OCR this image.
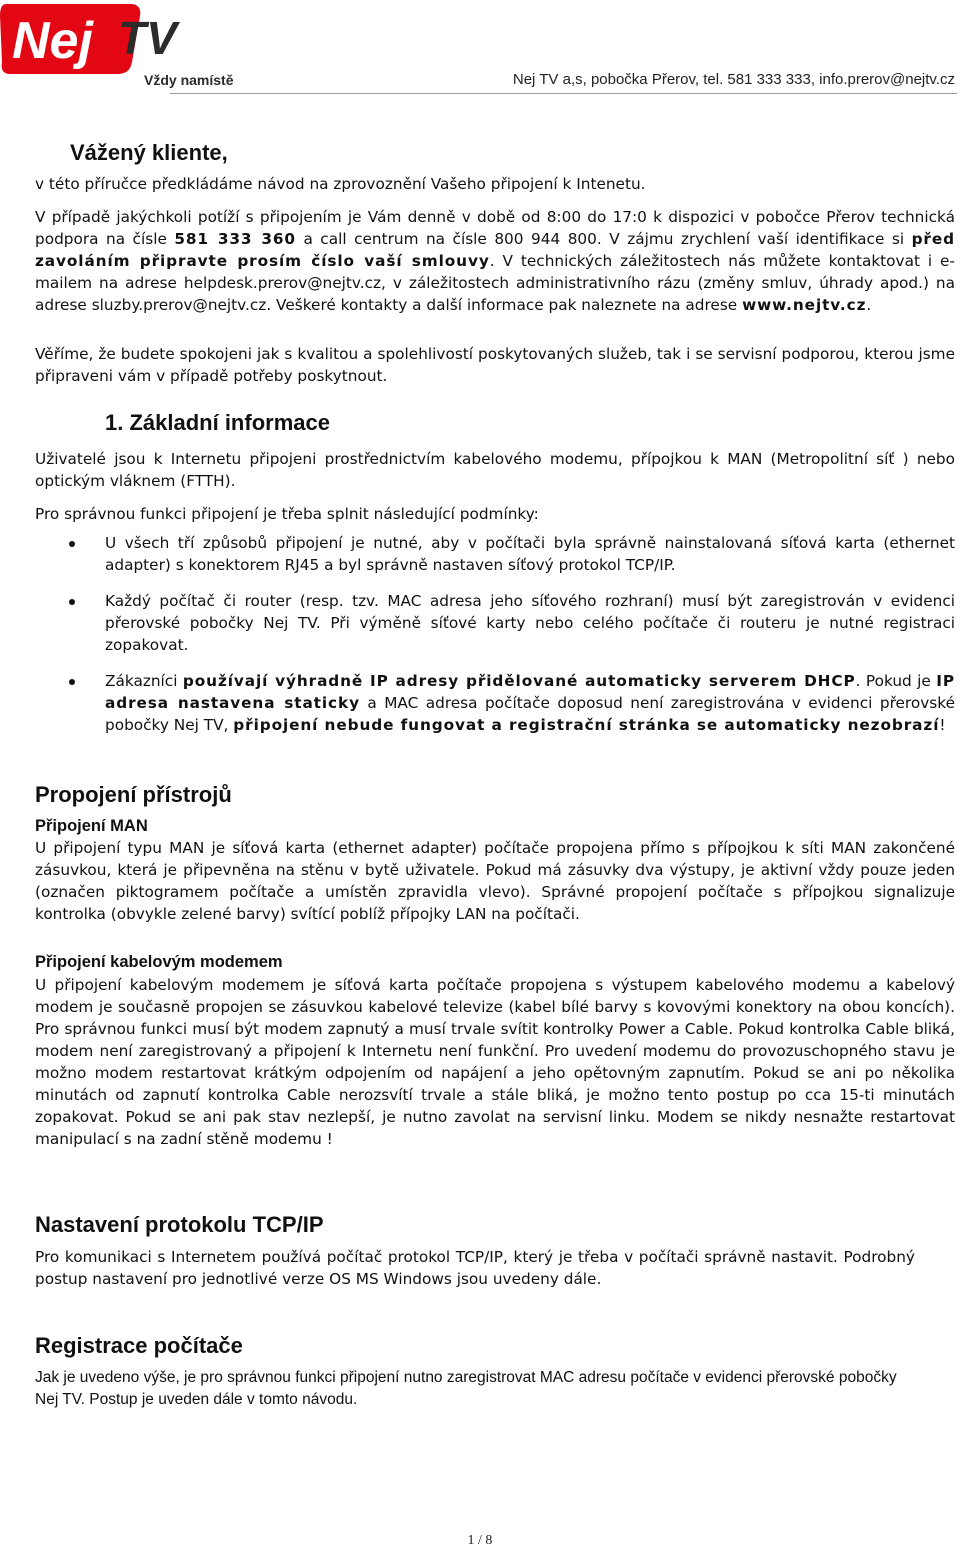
Nej TV
Vždy namístě	Nej TV a,s, pobočka Přerov, tel. 581 333 333, info.prerov@nejtv.cz
Vážený kliente,
v této příručce předkládáme návod na zprovoznění Vašeho připojení k Intenetu.
V případě jakýchkoli potíží s připojením je Vám denně v době od 8:00 do 17:0 k dispozici v pobočce Přerov technická podpora na čísle 581 333 360 a call centrum na čísle 800 944 800. V zájmu zrychlení vaší identifikace si před zavoláním připravte prosím číslo vaší smlouvy. V technických záležitostech nás můžete kontaktovat i e-mailem na adrese helpdesk.prerov@nejtv.cz, v záležitostech administrativního rázu (změny smluv, úhrady apod.) na adrese sluzby.prerov@nejtv.cz. Veškeré kontakty a další informace pak naleznete na adrese www.nejtv.cz.
Věříme, že budete spokojeni jak s kvalitou a spolehlivostí poskytovaných služeb, tak i se servisní podporou, kterou jsme připraveni vám v případě potřeby poskytnout.
1. Základní informace
Uživatelé jsou k Internetu připojeni prostřednictvím kabelového modemu, přípojkou k MAN (Metropolitní síť ) nebo optickým vláknem (FTTH).
Pro správnou funkci připojení je třeba splnit následující podmínky:
U všech tří způsobů připojení je nutné, aby v počítači byla správně nainstalovaná síťová karta (ethernet adapter) s konektorem RJ45 a byl správně nastaven síťový protokol TCP/IP.
Každý počítač či router (resp. tzv. MAC adresa jeho síťového rozhraní) musí být zaregistrován v evidenci přerovské pobočky Nej TV. Při výměně síťové karty nebo celého počítače či routeru je nutné registraci zopakovat.
Zákazníci používají výhradně IP adresy přidělované automaticky serverem DHCP. Pokud je IP adresa nastavena staticky a MAC adresa počítače doposud není zaregistrována v evidenci přerovské pobočky Nej TV, připojení nebude fungovat a registrační stránka se automaticky nezobrazí!
Propojení přístrojů
Připojení MAN
U připojení typu MAN je síťová karta (ethernet adapter) počítače propojena přímo s přípojkou k síti MAN zakončené zásuvkou, která je připevněna na stěnu v bytě uživatele. Pokud má zásuvky dva výstupy, je aktivní vždy pouze jeden (označen piktogramem počítače a umístěn zpravidla vlevo). Správné propojení počítače s přípojkou signalizuje kontrolka (obvykle zelené barvy) svítící poblíž přípojky LAN na počítači.
Připojení kabelovým modemem
U připojení kabelovým modemem je síťová karta počítače propojena s výstupem kabelového modemu a kabelový modem je současně propojen se zásuvkou kabelové televize (kabel bílé barvy s kovovými konektory na obou koncích). Pro správnou funkci musí být modem zapnutý a musí trvale svítit kontrolky Power a Cable. Pokud kontrolka Cable bliká, modem není zaregistrovaný a připojení k Internetu není funkční. Pro uvedení modemu do provozuschopného stavu je možno modem restartovat krátkým odpojením od napájení a jeho opětovným zapnutím. Pokud se ani po několika minutách od zapnutí kontrolka Cable nerozsvítí trvale a stále bliká, je možno tento postup po cca 15-ti minutách zopakovat. Pokud se ani pak stav nezlepší, je nutno zavolat na servisní linku. Modem se nikdy nesnažte restartovat manipulací s na zadní stěně modemu !
Nastavení protokolu TCP/IP
Pro komunikaci s Internetem používá počítač protokol TCP/IP, který je třeba v počítači správně nastavit. Podrobný postup nastavení pro jednotlivé verze OS MS Windows jsou uvedeny dále.
Registrace počítače
Jak je uvedeno výše, je pro správnou funkci připojení nutno zaregistrovat MAC adresu počítače v evidenci přerovské pobočky Nej TV. Postup je uveden dále v tomto návodu.
1 / 8
